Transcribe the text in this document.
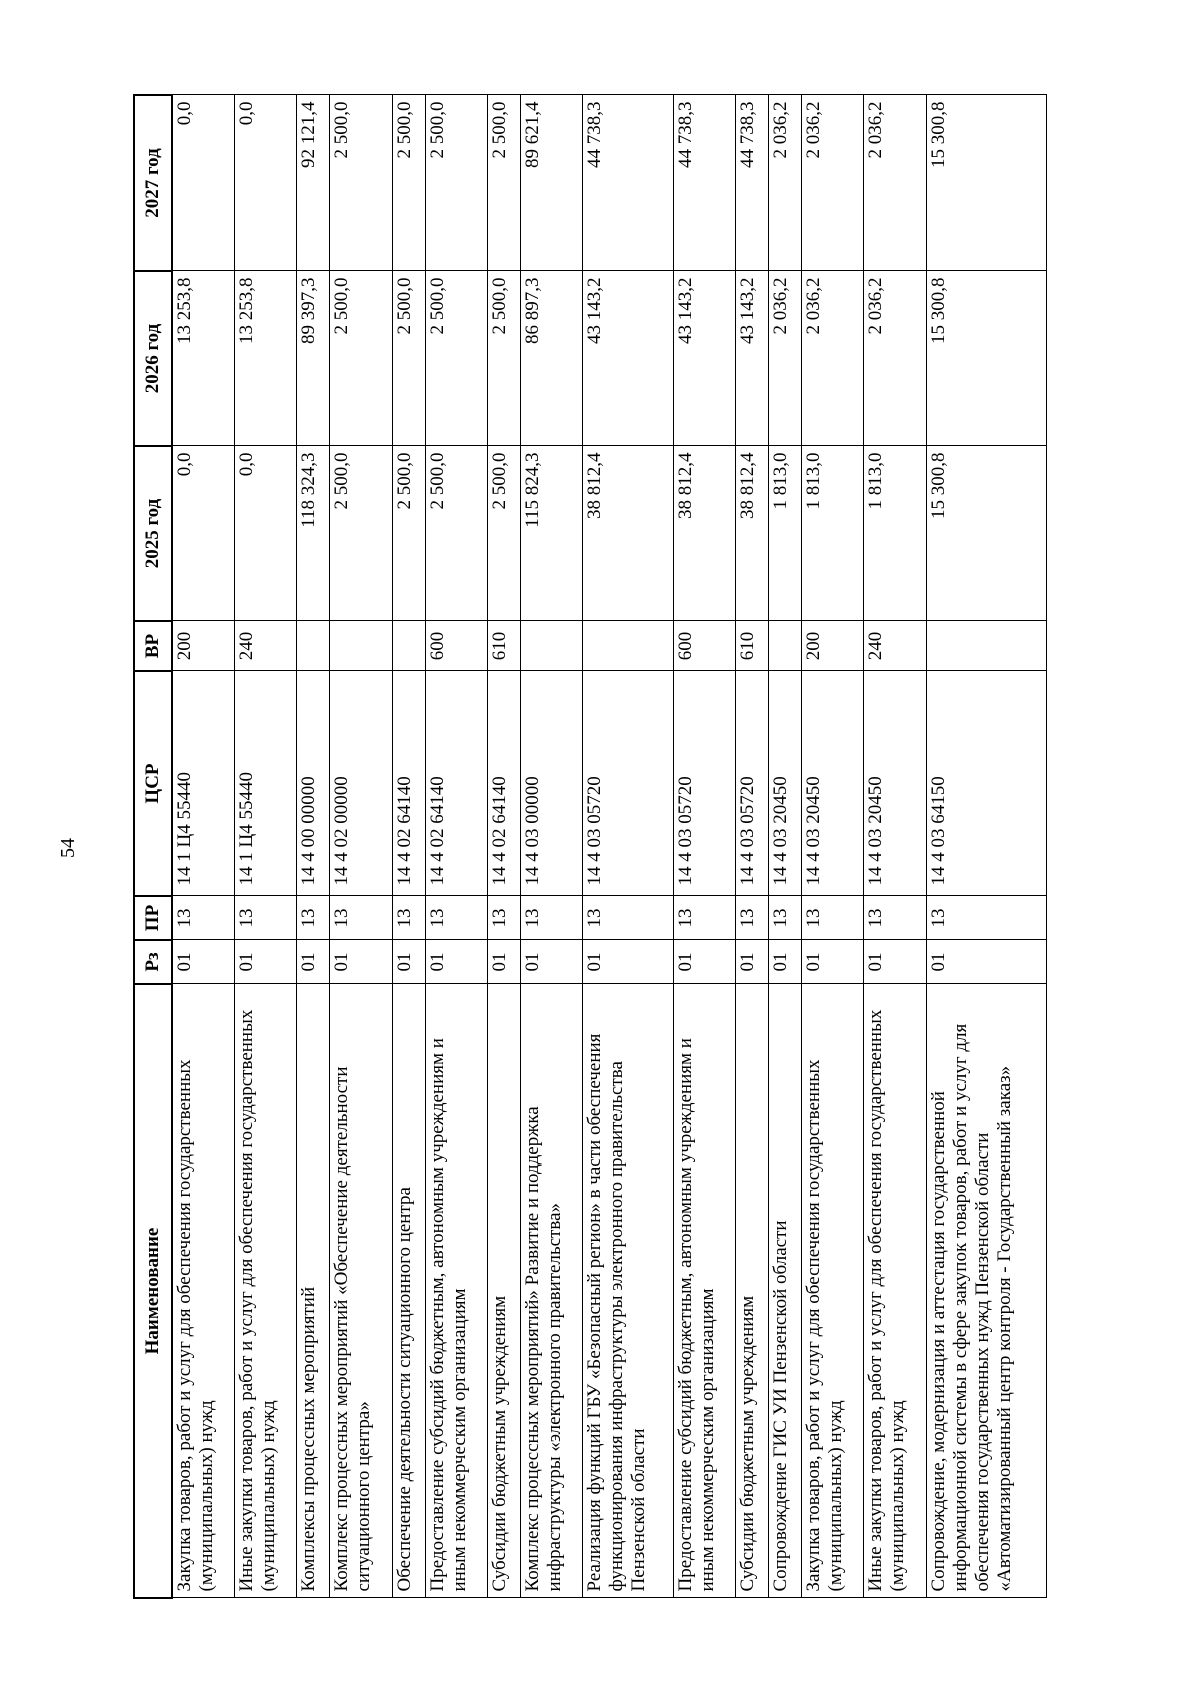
54
Наименование	Рз	ПР	ЦСР	ВР	2025 год	2026 год	2027 год
Закупка товаров, работ и услуг для обеспечения государственных (муниципальных) нужд	01	13	14 1 Ц4 55440	200	0,0	13 253,8	0,0
Иные закупки товаров, работ и услуг для обеспечения государственных (муниципальных) нужд	01	13	14 1 Ц4 55440	240	0,0	13 253,8	0,0
Комплексы процессных мероприятий	01	13	14 4 00 00000		118 324,3	89 397,3	92 121,4
Комплекс процессных мероприятий «Обеспечение деятельности ситуационного центра»	01	13	14 4 02 00000		2 500,0	2 500,0	2 500,0
Обеспечение деятельности ситуационного центра	01	13	14 4 02 64140		2 500,0	2 500,0	2 500,0
Предоставление субсидий бюджетным, автономным учреждениям и иным некоммерческим организациям	01	13	14 4 02 64140	600	2 500,0	2 500,0	2 500,0
Субсидии бюджетным учреждениям	01	13	14 4 02 64140	610	2 500,0	2 500,0	2 500,0
Комплекс процессных мероприятий» Развитие и поддержка инфраструктуры «электронного правительства»	01	13	14 4 03 00000		115 824,3	86 897,3	89 621,4
Реализация функций ГБУ «Безопасный регион» в части обеспечения функционирования инфраструктуры электронного правительства Пензенской области	01	13	14 4 03 05720		38 812,4	43 143,2	44 738,3
Предоставление субсидий бюджетным, автономным учреждениям и иным некоммерческим организациям	01	13	14 4 03 05720	600	38 812,4	43 143,2	44 738,3
Субсидии бюджетным учреждениям	01	13	14 4 03 05720	610	38 812,4	43 143,2	44 738,3
Сопровождение ГИС УИ Пензенской области	01	13	14 4 03 20450		1 813,0	2 036,2	2 036,2
Закупка товаров, работ и услуг для обеспечения государственных (муниципальных) нужд	01	13	14 4 03 20450	200	1 813,0	2 036,2	2 036,2
Иные закупки товаров, работ и услуг для обеспечения государственных (муниципальных) нужд	01	13	14 4 03 20450	240	1 813,0	2 036,2	2 036,2
Сопровождение, модернизация и аттестация государственной информационной системы в сфере закупок товаров, работ и услуг для обеспечения государственных нужд Пензенской области «Автоматизированный центр контроля - Государственный заказ»	01	13	14 4 03 64150		15 300,8	15 300,8	15 300,8
